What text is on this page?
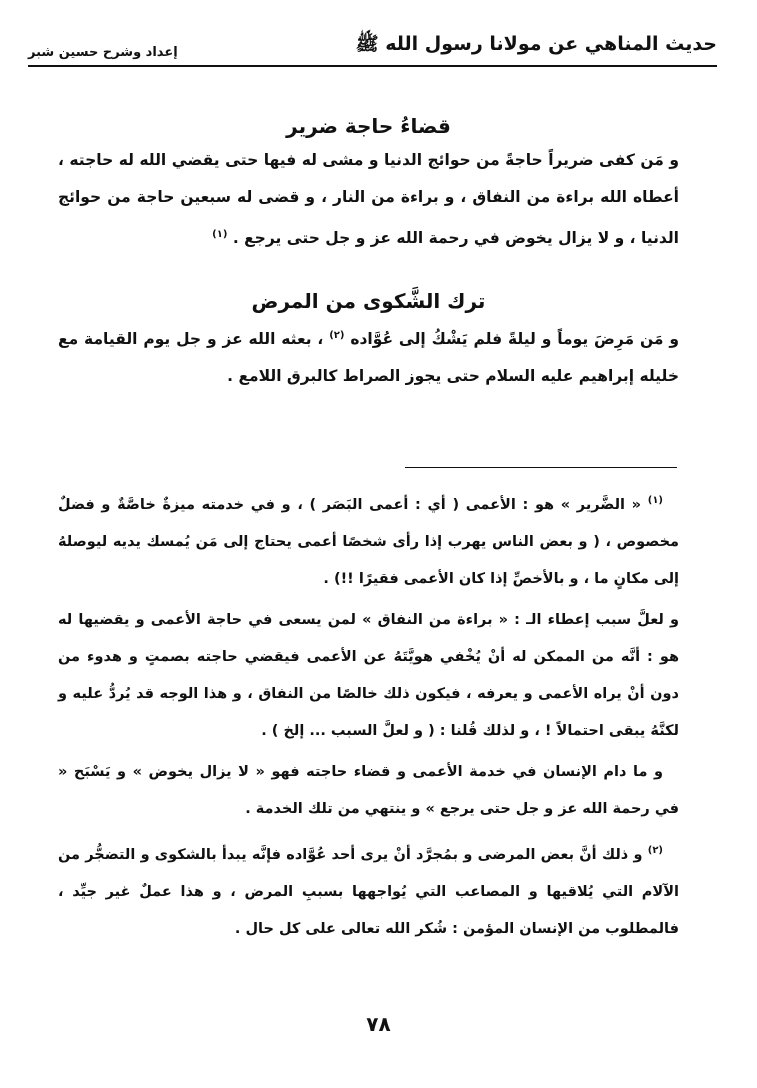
إعداد وشرح حسين شبر	حديث المناهي عن مولانا رسول الله ﷺ

قضاءُ حاجة ضرير

و مَن كفى ضريراً حاجةً من حوائج الدنيا و مشى له فيها حتى يقضي الله له حاجته ، أعطاه الله براءة من النفاق ، و براءة من النار ، و قضى له سبعين حاجة من حوائج الدنيا ، و لا يزال يخوض في رحمة الله عز و جل حتى يرجع . $^{(١)}$

ترك الشَّكوى من المرض

و مَن مَرِضَ يوماً و ليلةً فلم يَشْكُ إلى عُوَّاده $^{(٢)}$ ، بعثه الله عز و جل يوم القيامة مع خليله إبراهيم عليه السلام حتى يجوز الصراط كالبرق اللامع .

$^{(١)}$ « الضَّرير » هو : الأعمى ( أي : أعمى البَصَر ) ، و في خدمته ميزةٌ خاصَّةٌ و فضلٌ مخصوص ، ( و بعض الناس يهرب إذا رأى شخصًا أعمى يحتاج إلى مَن يُمسك يديه ليوصلهُ إلى مكانٍ ما ، و بالأخصِّ إذا كان الأعمى فقيرًا !!) .

و لعلَّ سبب إعطاء الـ : « براءة من النفاق » لمن يسعى في حاجة الأعمى و يقضيها له هو : أنَّه من الممكن له أنْ يُخْفي هويَّتَهُ عن الأعمى فيقضي حاجته بصمتٍ و هدوء من دون أنْ يراه الأعمى و يعرفه ، فيكون ذلك خالصًا من النفاق ، و هذا الوجه قد يُردُّ عليه و لكنَّهُ يبقى احتمالاً ! ، و لذلك قُلنا : ( و لعلَّ السبب ... إلخ ) .

و ما دام الإنسان في خدمة الأعمى و قضاء حاجته فهو « لا يزال يخوض » و يَسْبَح « في رحمة الله عز و جل حتى يرجع » و ينتهي من تلك الخدمة .

$^{(٢)}$ و ذلك أنَّ بعض المرضى و بمُجرَّد أنْ يرى أحد عُوَّاده فإنَّه يبدأ بالشكوى و التضجُّر من الآلام التي يُلاقيها و المصاعب التي يُواجهها بسببِ المرض ، و هذا عملٌ غير جيِّد ، فالمطلوب من الإنسان المؤمن : شُكر الله تعالى على كل حال .

٧٨
